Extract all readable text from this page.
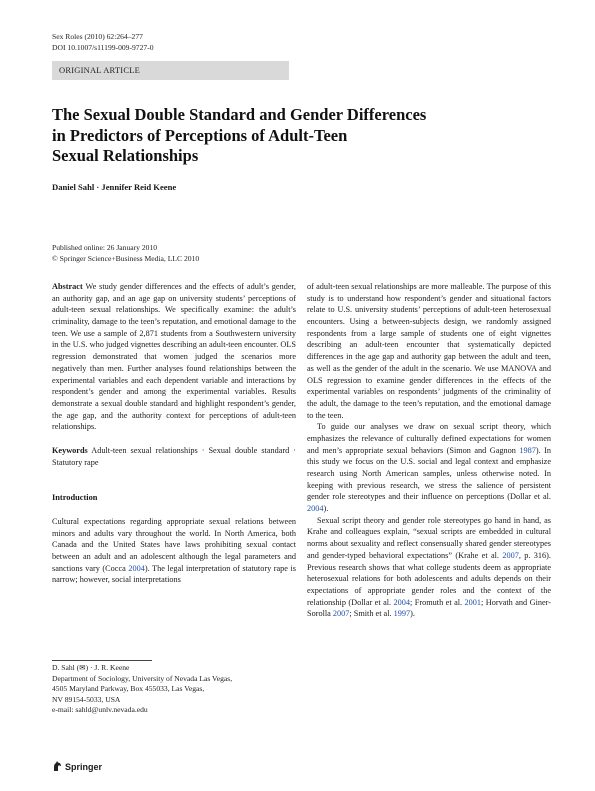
Sex Roles (2010) 62:264–277
DOI 10.1007/s11199-009-9727-0
ORIGINAL ARTICLE
The Sexual Double Standard and Gender Differences
in Predictors of Perceptions of Adult-Teen
Sexual Relationships
Daniel Sahl · Jennifer Reid Keene
Published online: 26 January 2010
© Springer Science+Business Media, LLC 2010

Abstract We study gender differences and the effects of adult’s gender, an authority gap, and an age gap on university students’ perceptions of adult-teen sexual relationships. We specifically examine: the adult’s criminality, damage to the teen’s reputation, and emotional damage to the teen. We use a sample of 2,871 students from a Southwestern university in the U.S. who judged vignettes describing an adult-teen encounter. OLS regression demonstrated that women judged the scenarios more negatively than men. Further analyses found relationships between the experimental variables and each dependent variable and interactions by respondent’s gender and among the experimental variables. Results demonstrate a sexual double standard and highlight respondent’s gender, the age gap, and the authority context for perceptions of adult-teen relationships.

Keywords Adult-teen sexual relationships · Sexual double standard · Statutory rape

Introduction

Cultural expectations regarding appropriate sexual relations between minors and adults vary throughout the world. In North America, both Canada and the United States have laws prohibiting sexual contact between an adult and an adolescent although the legal parameters and sanctions vary (Cocca 2004). The legal interpretation of statutory rape is narrow; however, social interpretations

of adult-teen sexual relationships are more malleable. The purpose of this study is to understand how respondent’s gender and situational factors relate to U.S. university students’ perceptions of adult-teen heterosexual encounters. Using a between-subjects design, we randomly assigned respondents from a large sample of students one of eight vignettes describing an adult-teen encounter that systematically depicted differences in the age gap and authority gap between the adult and teen, as well as the gender of the adult in the scenario. We use MANOVA and OLS regression to examine gender differences in the effects of the experimental variables on respondents’ judgments of the criminality of the adult, the damage to the teen’s reputation, and the emotional damage to the teen.

To guide our analyses we draw on sexual script theory, which emphasizes the relevance of culturally defined expectations for women and men’s appropriate sexual behaviors (Simon and Gagnon 1987). In this study we focus on the U.S. social and legal context and emphasize research using North American samples, unless otherwise noted. In keeping with previous research, we stress the salience of persistent gender role stereotypes and their influence on perceptions (Dollar et al. 2004).

Sexual script theory and gender role stereotypes go hand in hand, as Krahe and colleagues explain, “sexual scripts are embedded in cultural norms about sexuality and reflect consensually shared gender stereotypes and gender-typed behavioral expectations” (Krahe et al. 2007, p. 316). Previous research shows that what college students deem as appropriate heterosexual relations for both adolescents and adults depends on their expectations of appropriate gender roles and the context of the relationship (Dollar et al. 2004; Fromuth et al. 2001; Horvath and Giner-Sorolla 2007; Smith et al. 1997).

D. Sahl (✉) · J. R. Keene
Department of Sociology, University of Nevada Las Vegas,
4505 Maryland Parkway, Box 455033, Las Vegas,
NV 89154-5033, USA
e-mail: sahld@unlv.nevada.edu
Springer
